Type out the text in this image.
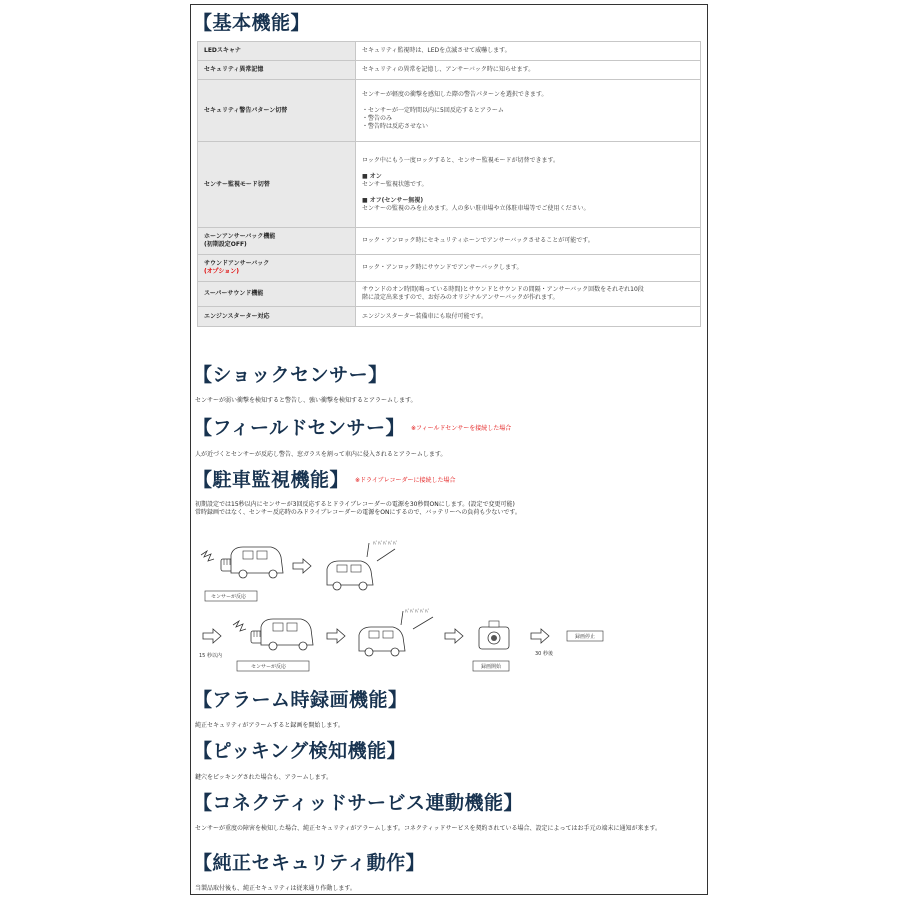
【基本機能】
LEDスキャナ	セキュリティ監視時は、LEDを点滅させて威嚇します。
セキュリティ異常記憶	セキュリティの異常を記憶し、アンサーバック時に知らせます。
セキュリティ警告パターン切替	センサーが軽度の衝撃を感知した際の警告パターンを選択できます。
・センサーが一定時間以内に5回反応するとアラーム
・警告のみ
・警告時は反応させない

センサー監視モード切替	ロック中にもう一度ロックすると、センサー監視モードが切替できます。
■ オン
センサー監視状態です。
■ オフ(センサー無視)
センサーの監視のみを止めます。人の多い駐車場や立体駐車場等でご使用ください。

ホーンアンサーバック機能
(初期設定OFF)	ロック・アンロック時にセキュリティホーンでアンサーバックさせることが可能です。

サウンドアンサーバック
(オプション)	ロック・アンロック時にサウンドでアンサーバックします。
スーパーサウンド機能	サウンドのオン時間(鳴っている時間)とサウンドとサウンドの間隔・アンサーバック回数をそれぞれ10段
階に設定出来ますので、お好みのオリジナルアンサーバックが作れます。

エンジンスターター対応	エンジンスターター装備車にも取付可能です。
【ショックセンサー】
センサーが弱い衝撃を検知すると警告し、強い衝撃を検知するとアラームします。
【フィールドセンサー】 ※フィールドセンサーを接続した場合
人が近づくとセンサーが反応し警告、窓ガラスを割って車内に侵入されるとアラームします。
【駐車監視機能】 ※ドライブレコーダーに接続した場合
初期設定では15秒以内にセンサーが3回反応するとドライブレコーダーの電源を30秒間ONにします。(設定で変更可能)
常時録画ではなく、センサー反応時のみドライブレコーダーの電源をONにするので、バッテリーへの負荷も少ないです。
ﾊﾞﾊﾞﾊﾞﾊﾞﾊﾞ
センサーが反応
15 秒以内
センサーが反応
ﾊﾞﾊﾞﾊﾞﾊﾞﾊﾞ
録画開始
30 秒後
録画停止
【アラーム時録画機能】
純正セキュリティがアラームすると録画を開始します。
【ピッキング検知機能】
鍵穴をピッキングされた場合も、アラームします。
【コネクティッドサービス連動機能】
センサーが重度の障害を検知した場合、純正セキュリティがアラームします。コネクティッドサービスを契約されている場合、設定によってはお手元の端末に通知が来ます。
【純正セキュリティ動作】
当製品取付後も、純正セキュリティは従来通り作動します。
